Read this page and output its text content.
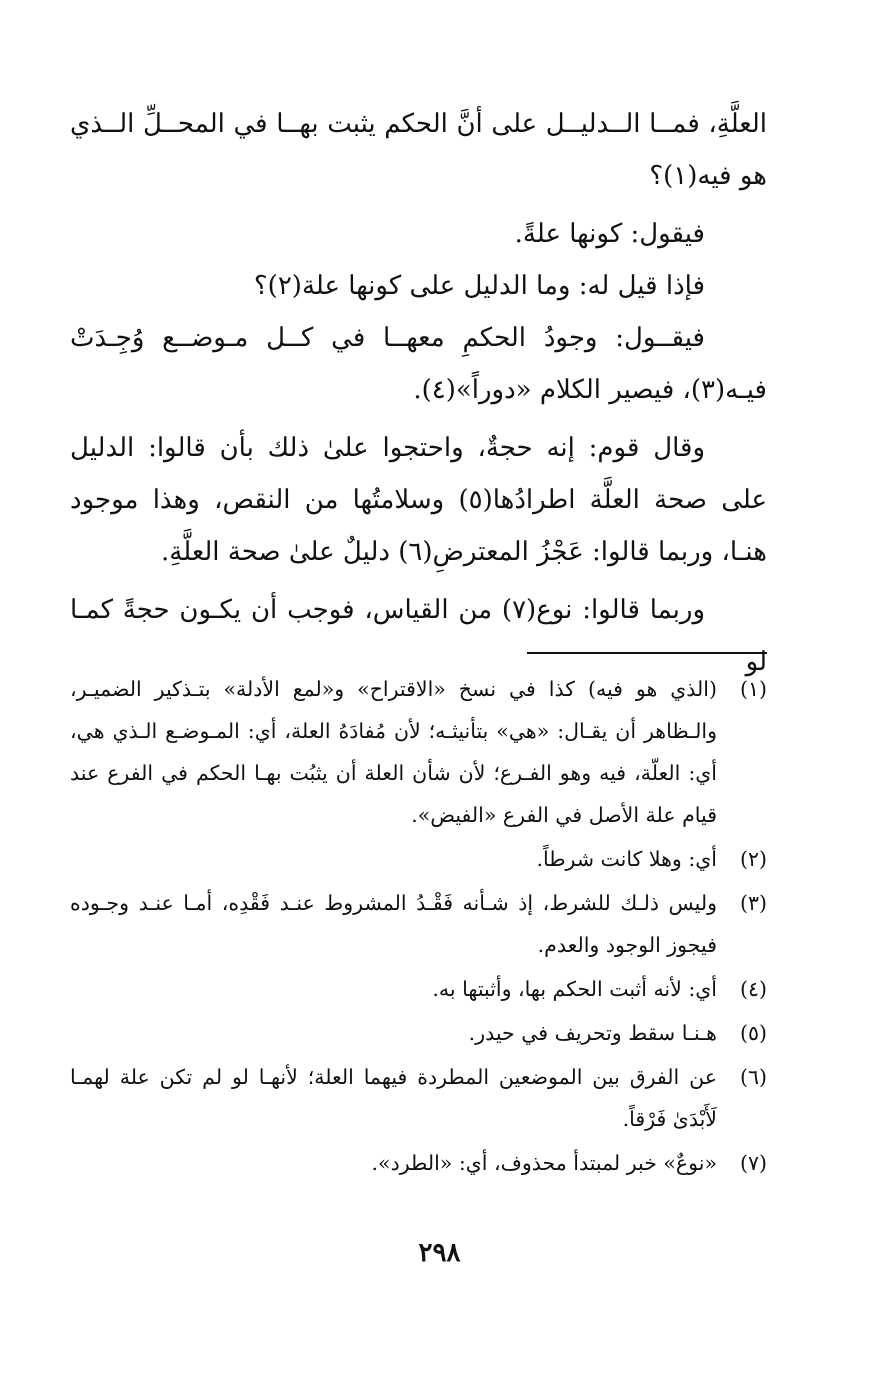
العلَّةِ، فمــا الــدليــل على أنَّ الحكم يثبت بهــا في المحــلِّ الــذي هو فيه(١)؟

فيقول: كونها علةً.

فإذا قيل له: وما الدليل على كونها علة(٢)؟

فيقــول: وجودُ الحكمِ معهــا في كــل مـوضــع وُجِـدَتْ فيـه(٣)، فيصير الكلام «دوراً»(٤).

وقال قوم: إنه حجةٌ، واحتجوا علىٰ ذلك بأن قالوا: الدليل على صحة العلَّة اطرادُها(٥) وسلامتُها من النقص، وهذا موجود هنـا، وربما قالوا: عَجْزُ المعترضِ(٦) دليلٌ علىٰ صحة العلَّةِ.

وربما قالوا: نوع(٧) من القياس، فوجب أن يكـون حجةً كمـا لو

(١)
(الذي هو فيه) كذا في نسخ «الاقتراح» و«لمع الأدلة» بتـذكير الضميـر، والـظاهر أن يقـال: «هي» بتأنيثـه؛ لأن مُفادَهُ العلة، أي: المـوضـع الـذي هي، أي: العلّة، فيه وهو الفـرع؛ لأن شأن العلة أن يثبُت بهـا الحكم في الفرع عند قيام علة الأصل في الفرع «الفيض».
(٢)
أي: وهلا كانت شرطاً.
(٣)
وليس ذلـك للشرط، إذ شـأنه فَقْـدُ المشروط عنـد فَقْدِه، أمـا عنـد وجـوده فيجوز الوجود والعدم.
(٤)
أي: لأنه أثبت الحكم بها، وأثبتها به.
(٥)
هـنـا سقط وتحريف في حيدر.
(٦)
عن الفرق بين الموضعين المطردة فيهما العلة؛ لأنهـا لو لم تكن علة لهمـا لَأَبْدَىٰ فَرْقاً.
(٧)
«نوعٌ» خبر لمبتدأ محذوف، أي: «الطرد».
٢٩٨
